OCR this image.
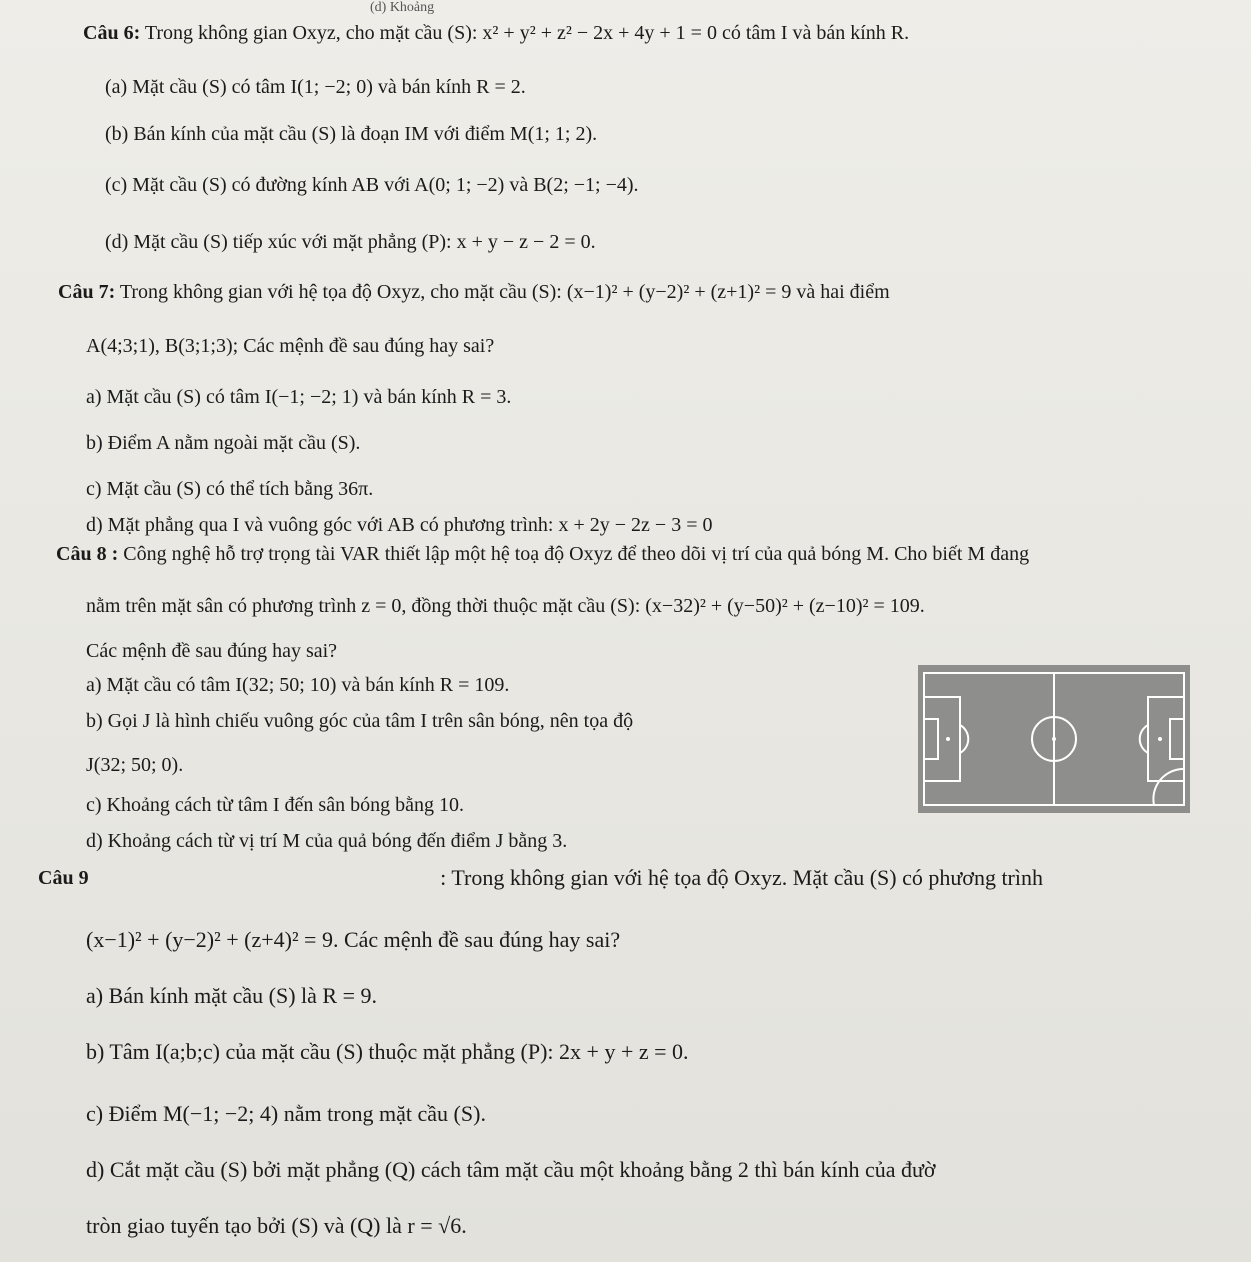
(d) Khoảng
Câu 6: Trong không gian Oxyz, cho mặt cầu (S): x² + y² + z² − 2x + 4y + 1 = 0 có tâm I và bán kính R.
(a) Mặt cầu (S) có tâm I(1; −2; 0) và bán kính R = 2.
(b) Bán kính của mặt cầu (S) là đoạn IM với điểm M(1; 1; 2).
(c) Mặt cầu (S) có đường kính AB với A(0; 1; −2) và B(2; −1; −4).
(d) Mặt cầu (S) tiếp xúc với mặt phẳng (P): x + y − z − 2 = 0.
Câu 7: Trong không gian với hệ tọa độ Oxyz, cho mặt cầu (S): (x−1)² + (y−2)² + (z+1)² = 9 và hai điểm
A(4;3;1), B(3;1;3); Các mệnh đề sau đúng hay sai?
a) Mặt cầu (S) có tâm I(−1; −2; 1) và bán kính R = 3.
b) Điểm A nằm ngoài mặt cầu (S).
c) Mặt cầu (S) có thể tích bằng 36π.
d) Mặt phẳng qua I và vuông góc với AB có phương trình: x + 2y − 2z − 3 = 0
Câu 8 : Công nghệ hỗ trợ trọng tài VAR thiết lập một hệ toạ độ Oxyz để theo dõi vị trí của quả bóng M. Cho biết M đang
nằm trên mặt sân có phương trình z = 0, đồng thời thuộc mặt cầu (S): (x−32)² + (y−50)² + (z−10)² = 109.
Các mệnh đề sau đúng hay sai?
a) Mặt cầu có tâm I(32; 50; 10) và bán kính R = 109.
b) Gọi J là hình chiếu vuông góc của tâm I trên sân bóng, nên tọa độ
J(32; 50; 0).
c) Khoảng cách từ tâm I đến sân bóng bằng 10.
d) Khoảng cách từ vị trí M của quả bóng đến điểm J bằng 3.
Câu 9	: Trong không gian với hệ tọa độ Oxyz. Mặt cầu (S) có phương trình
(x−1)² + (y−2)² + (z+4)² = 9. Các mệnh đề sau đúng hay sai?
a) Bán kính mặt cầu (S) là R = 9.
b) Tâm I(a;b;c) của mặt cầu (S) thuộc mặt phẳng (P): 2x + y + z = 0.
c) Điểm M(−1; −2; 4) nằm trong mặt cầu (S).
d) Cắt mặt cầu (S) bởi mặt phẳng (Q) cách tâm mặt cầu một khoảng bằng 2 thì bán kính của đườ
tròn giao tuyến tạo bởi (S) và (Q) là r = √6.
